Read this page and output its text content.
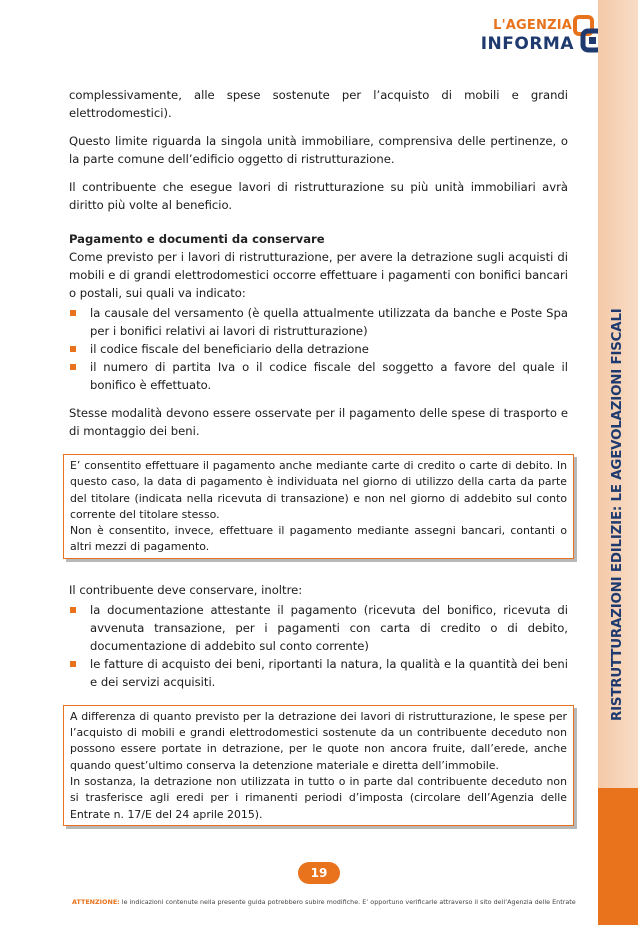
L'AGENZIA
INFORMA

complessivamente, alle spese sostenute per l’acquisto di mobili e grandi elettrodomestici).

Questo limite riguarda la singola unità immobiliare, comprensiva delle pertinenze, o la parte comune dell’edificio oggetto di ristrutturazione.

Il contribuente che esegue lavori di ristrutturazione su più unità immobiliari avrà diritto più volte al beneficio.

Pagamento e documenti da conservare

Come previsto per i lavori di ristrutturazione, per avere la detrazione sugli acquisti di mobili e di grandi elettrodomestici occorre effettuare i pagamenti con bonifici bancari o postali, sui quali va indicato:

la causale del versamento (è quella attualmente utilizzata da banche e Poste Spa per i bonifici relativi ai lavori di ristrutturazione)
il codice fiscale del beneficiario della detrazione
il numero di partita Iva o il codice fiscale del soggetto a favore del quale il bonifico è effettuato.

Stesse modalità devono essere osservate per il pagamento delle spese di trasporto e di montaggio dei beni.

E’ consentito effettuare il pagamento anche mediante carte di credito o carte di debito. In questo caso, la data di pagamento è individuata nel giorno di utilizzo della carta da parte del titolare (indicata nella ricevuta di transazione) e non nel giorno di addebito sul conto corrente del titolare stesso.

Non è consentito, invece, effettuare il pagamento mediante assegni bancari, contanti o altri mezzi di pagamento.

Il contribuente deve conservare, inoltre:

la documentazione attestante il pagamento (ricevuta del bonifico, ricevuta di avvenuta transazione, per i pagamenti con carta di credito o di debito, documentazione di addebito sul conto corrente)
le fatture di acquisto dei beni, riportanti la natura, la qualità e la quantità dei beni e dei servizi acquisiti.

A differenza di quanto previsto per la detrazione dei lavori di ristrutturazione, le spese per l’acquisto di mobili e grandi elettrodomestici sostenute da un contribuente deceduto non possono essere portate in detrazione, per le quote non ancora fruite, dall’erede, anche quando quest’ultimo conserva la detenzione materiale e diretta dell’immobile.

In sostanza, la detrazione non utilizzata in tutto o in parte dal contribuente deceduto non si trasferisce agli eredi per i rimanenti periodi d’imposta (circolare dell’Agenzia delle Entrate n. 17/E del 24 aprile 2015).

RISTRUTTURAZIONI EDILIZIE: LE AGEVOLAZIONI FISCALI
19
ATTENZIONE: le indicazioni contenute nella presente guida potrebbero subire modifiche. E’ opportuno verificarle attraverso il sito dell’Agenzia delle Entrate
